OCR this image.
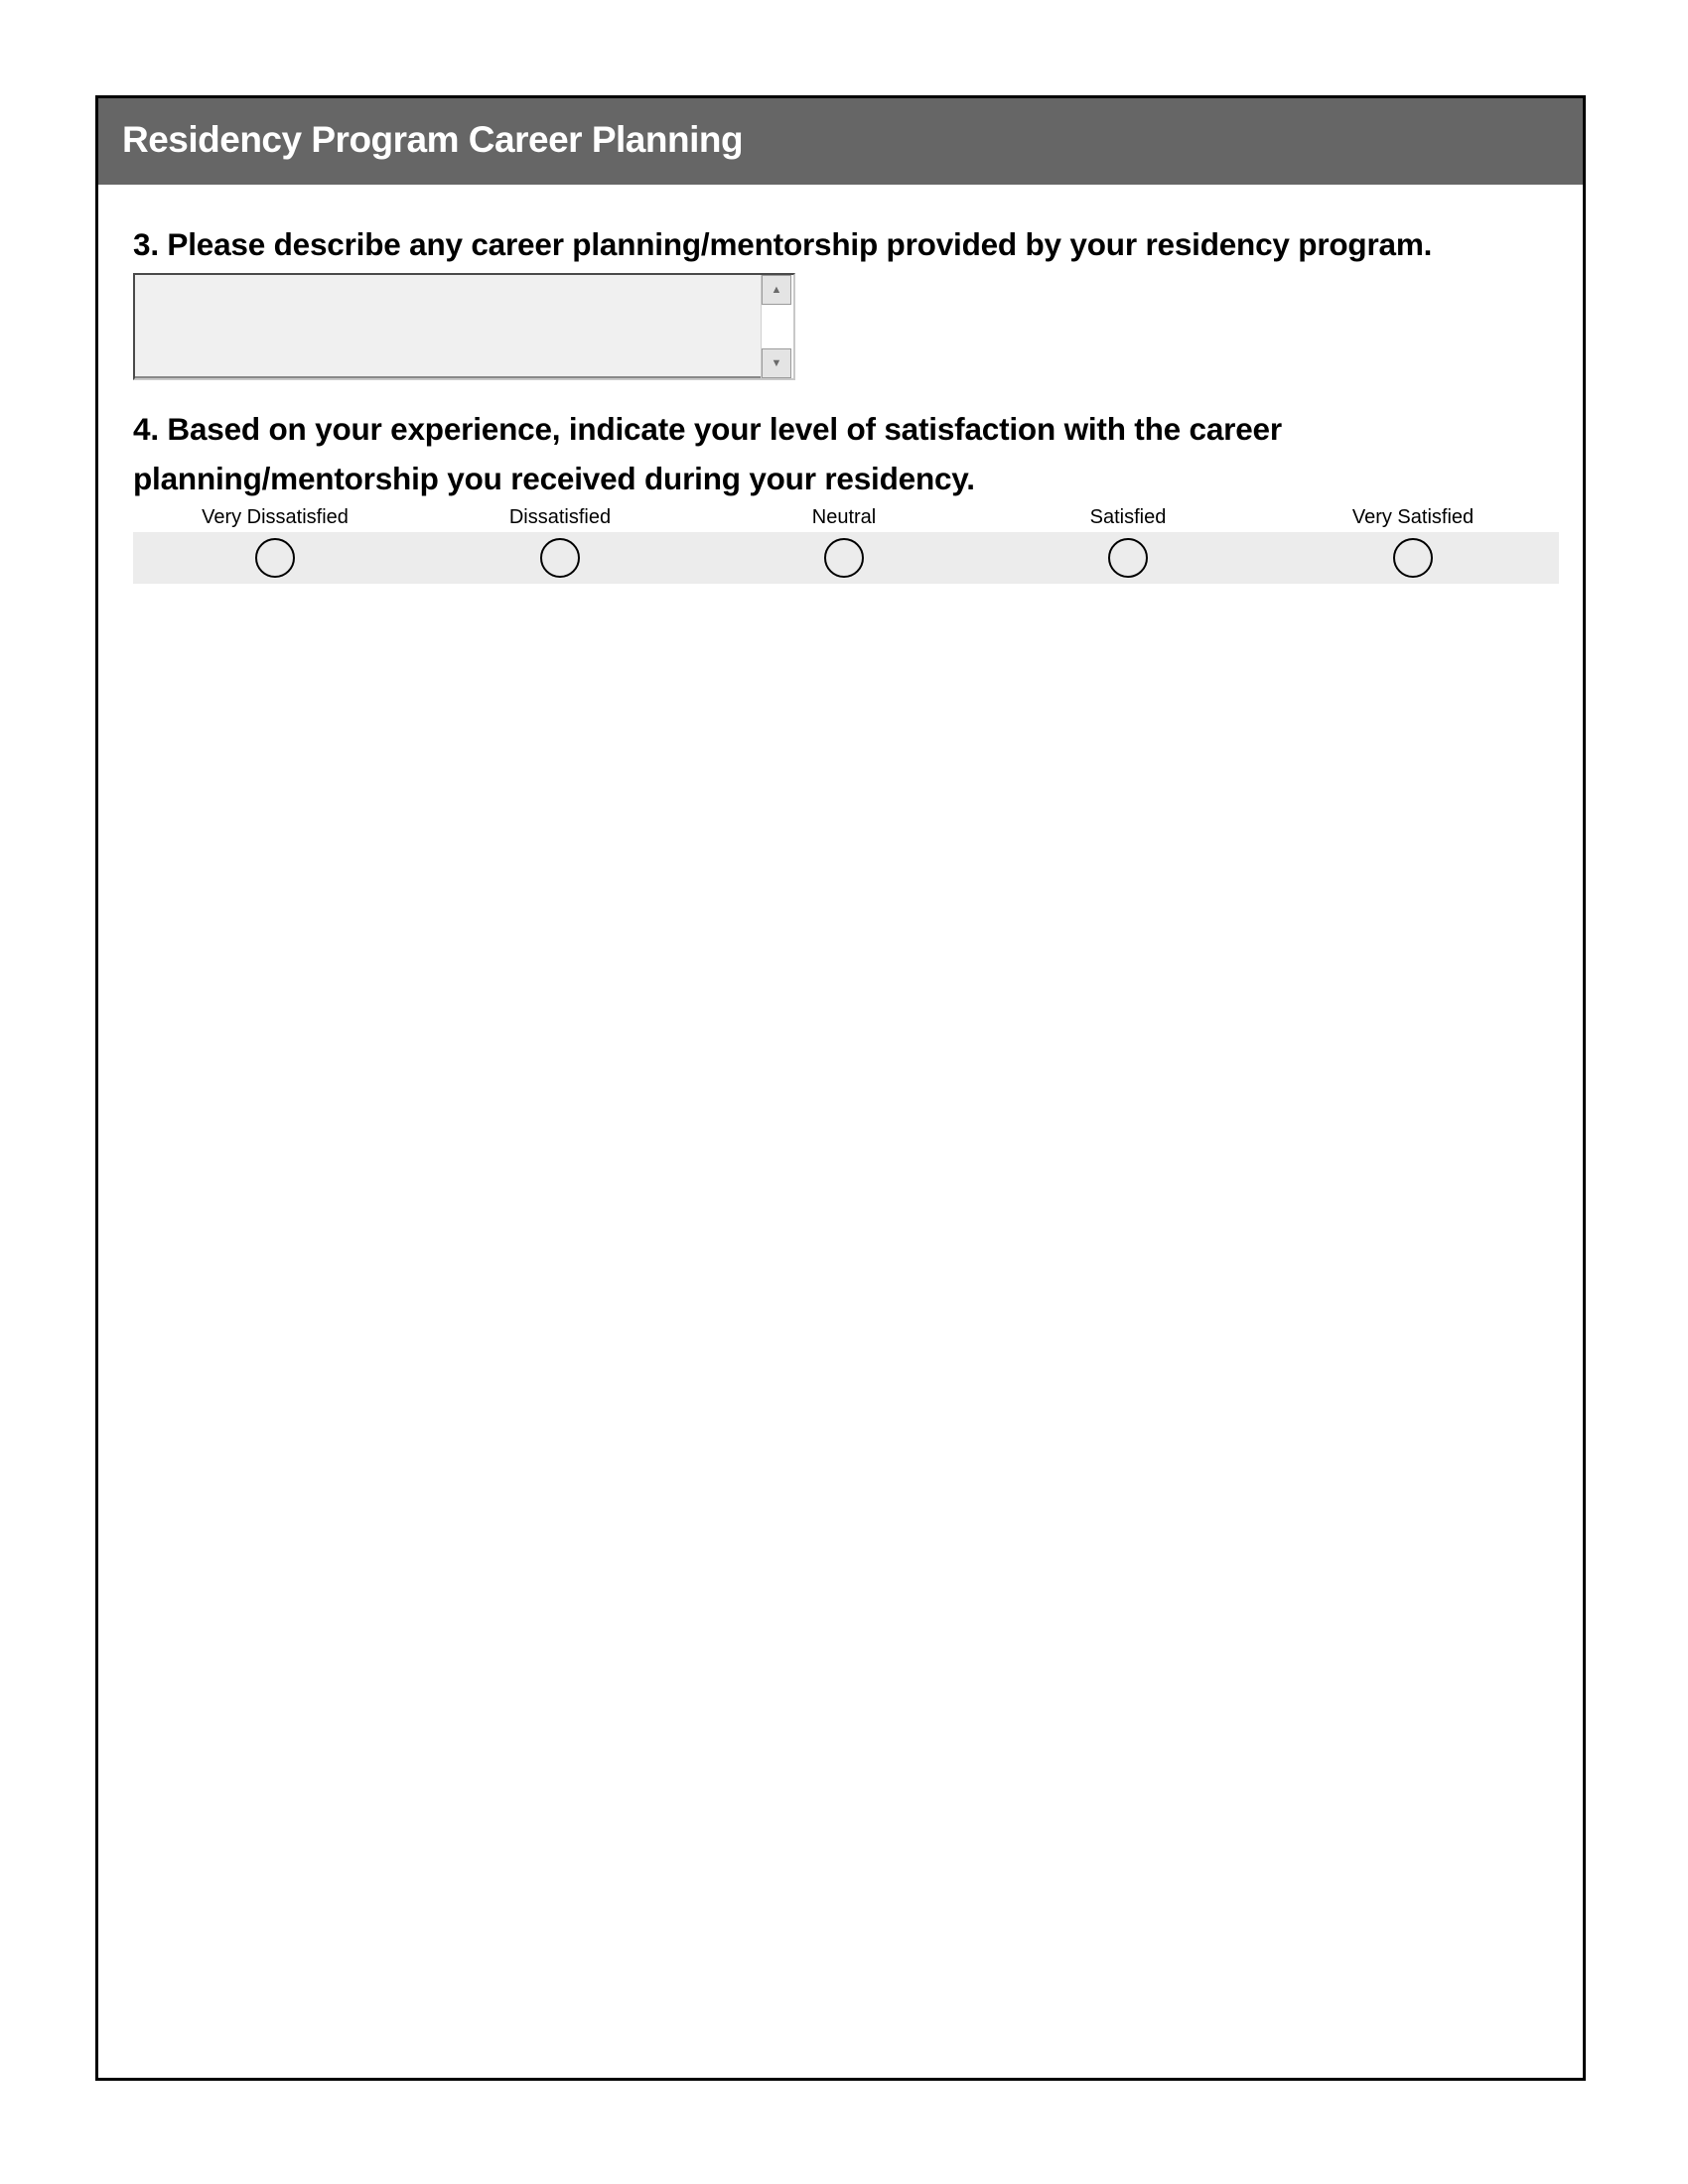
Residency Program Career Planning
3. Please describe any career planning/mentorship provided by your residency program.
▲
▼
4. Based on your experience, indicate your level of satisfaction with the career planning/mentorship you received during your residency.
Very Dissatisfied	Dissatisfied	Neutral	Satisfied	Very Satisfied
